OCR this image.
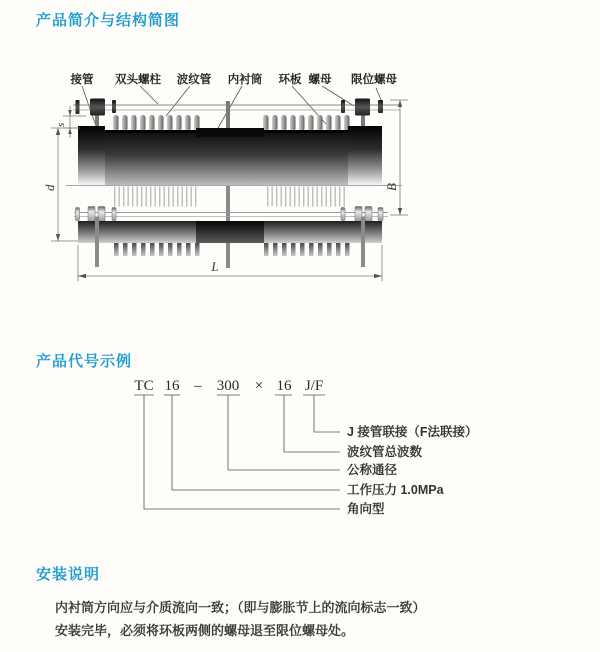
产品简介与结构简图
接管 双头螺柱 波纹管 内衬筒 环板 螺母 限位螺母
s
d	B
L
产品代号示例
TC 16 – 300 × 16 J/F
J 接管联接（F法联接）
波纹管总波数
公称通径
工作压力 1.0MPa
角向型
安装说明
内衬筒方向应与介质流向一致；（即与膨胀节上的流向标志一致）
安装完毕，必须将环板两侧的螺母退至限位螺母处。
